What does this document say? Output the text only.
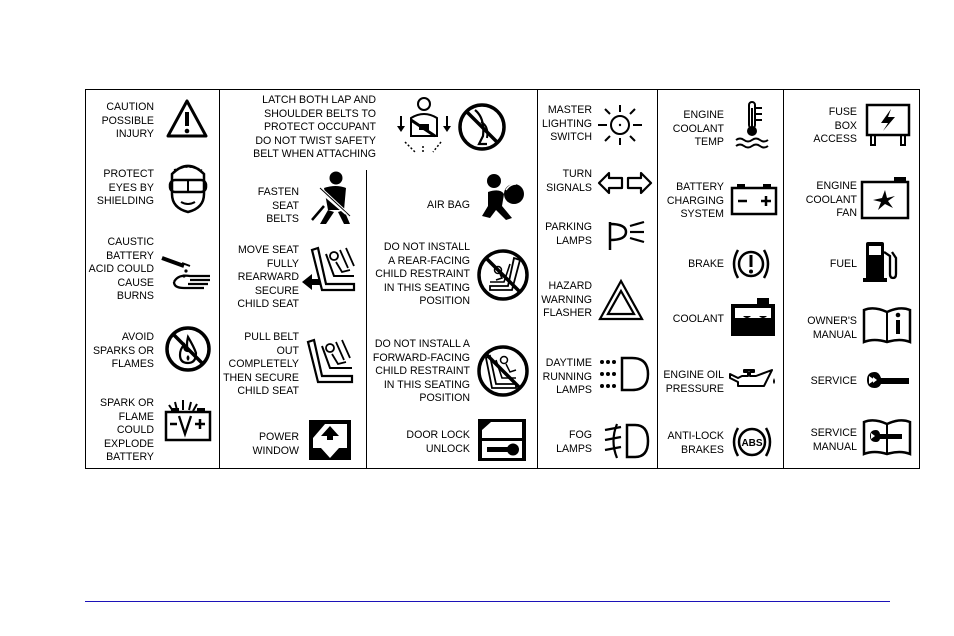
CAUTION
POSSIBLE
INJURY
PROTECT
EYES BY
SHIELDING
CAUSTIC
BATTERY
ACID COULD
CAUSE
BURNS
AVOID
SPARKS OR
FLAMES
SPARK OR
FLAME
COULD
EXPLODE
BATTERY
LATCH BOTH LAP AND
SHOULDER BELTS TO
PROTECT OCCUPANT
DO NOT TWIST SAFETY
BELT WHEN ATTACHING
FASTEN
SEAT
BELTS
MOVE SEAT
FULLY
REARWARD
SECURE
CHILD SEAT
PULL BELT
OUT
COMPLETELY
THEN SECURE
CHILD SEAT
POWER
WINDOW
AIR BAG
DO NOT INSTALL
A REAR-FACING
CHILD RESTRAINT
IN THIS SEATING
POSITION
DO NOT INSTALL A
FORWARD-FACING
CHILD RESTRAINT
IN THIS SEATING
POSITION
DOOR LOCK
UNLOCK
MASTER
LIGHTING
SWITCH
TURN
SIGNALS
PARKING
LAMPS
HAZARD
WARNING
FLASHER
DAYTIME
RUNNING
LAMPS
FOG
LAMPS
ENGINE
COOLANT
TEMP
BATTERY
CHARGING
SYSTEM
BRAKE
COOLANT
ENGINE OIL
PRESSURE
ANTI-LOCK
BRAKES
ABS
FUSE
BOX
ACCESS
ENGINE
COOLANT
FAN
FUEL
OWNER'S
MANUAL
SERVICE
SERVICE
MANUAL
